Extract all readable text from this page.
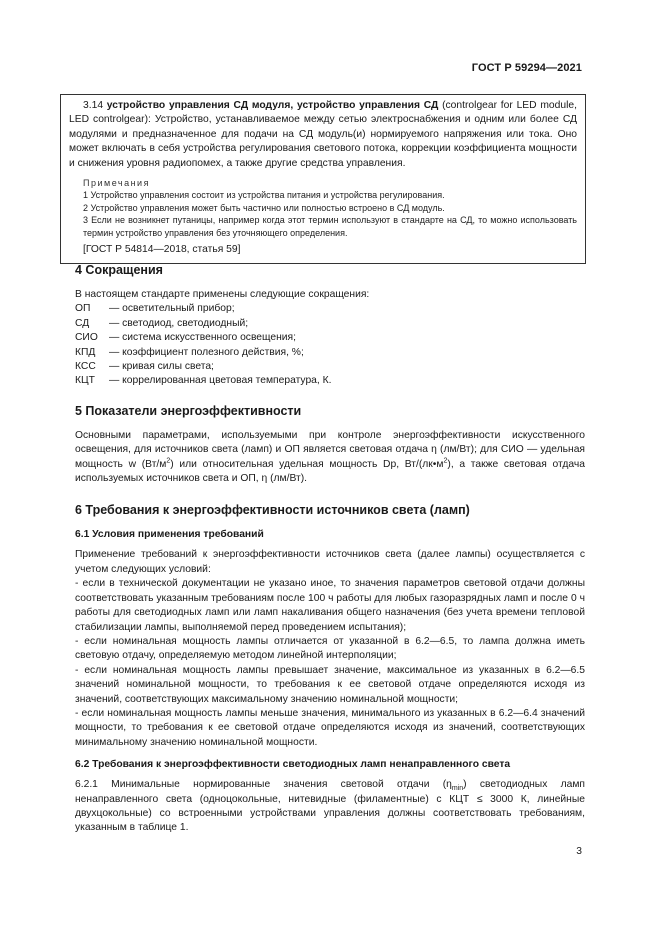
ГОСТ Р 59294—2021

3.14 устройство управления СД модуля, устройство управления СД (controlgear for LED module, LED controlgear): Устройство, устанавливаемое между сетью электроснабжения и одним или более СД модулями и предназначенное для подачи на СД модуль(и) нормируемого напряжения или тока. Оно может включать в себя устройства регулирования светового потока, коррекции коэффициента мощности и снижения уровня радиопомех, а также другие средства управления.

Примечания

1 Устройство управления состоит из устройства питания и устройства регулирования.

2 Устройство управления может быть частично или полностью встроено в СД модуль.

3 Если не возникнет путаницы, например когда этот термин используют в стандарте на СД, то можно использовать термин устройство управления без уточняющего определения.

[ГОСТ Р 54814—2018, статья 59]

4 Сокращения

В настоящем стандарте применены следующие сокращения:

ОП	— осветительный прибор;
СД	— светодиод, светодиодный;
СИО	— система искусственного освещения;
КПД	— коэффициент полезного действия, %;
КСС	— кривая силы света;
КЦТ	— коррелированная цветовая температура, К.
5 Показатели энергоэффективности

Основными параметрами, используемыми при контроле энергоэффективности искусственного освещения, для источников света (ламп) и ОП является световая отдача η (лм/Вт); для СИО — удельная мощность w $(Вт/м^2)$ или относительная удельная мощность Dp, $Вт/(лк•м^2)$, а также световая отдача используемых источников света и ОП, η (лм/Вт).

6 Требования к энергоэффективности источников света (ламп)
6.1 Условия применения требований

Применение требований к энергоэффективности источников света (далее лампы) осуществляется с учетом следующих условий:

- если в технической документации не указано иное, то значения параметров световой отдачи должны соответствовать указанным требованиям после 100 ч работы для любых газоразрядных ламп и после 0 ч работы для светодиодных ламп или ламп накаливания общего назначения (без учета времени тепловой стабилизации лампы, выполняемой перед проведением испытания);

- если номинальная мощность лампы отличается от указанной в 6.2—6.5, то лампа должна иметь световую отдачу, определяемую методом линейной интерполяции;

- если номинальная мощность лампы превышает значение, максимальное из указанных в 6.2—6.5 значений номинальной мощности, то требования к ее световой отдаче определяются исходя из значений, соответствующих максимальному значению номинальной мощности;

- если номинальная мощность лампы меньше значения, минимального из указанных в 6.2—6.4 значений мощности, то требования к ее световой отдаче определяются исходя из значений, соответствующих минимальному значению номинальной мощности.

6.2 Требования к энергоэффективности светодиодных ламп ненаправленного света

6.2.1 Минимальные нормированные значения световой отдачи $(\eta_{min})$ светодиодных ламп ненаправленного света (одноцокольные, нитевидные (филаментные) с КЦТ ≤ 3000 К, линейные двухцокольные) со встроенными устройствами управления должны соответствовать требованиям, указанным в таблице 1.

3
